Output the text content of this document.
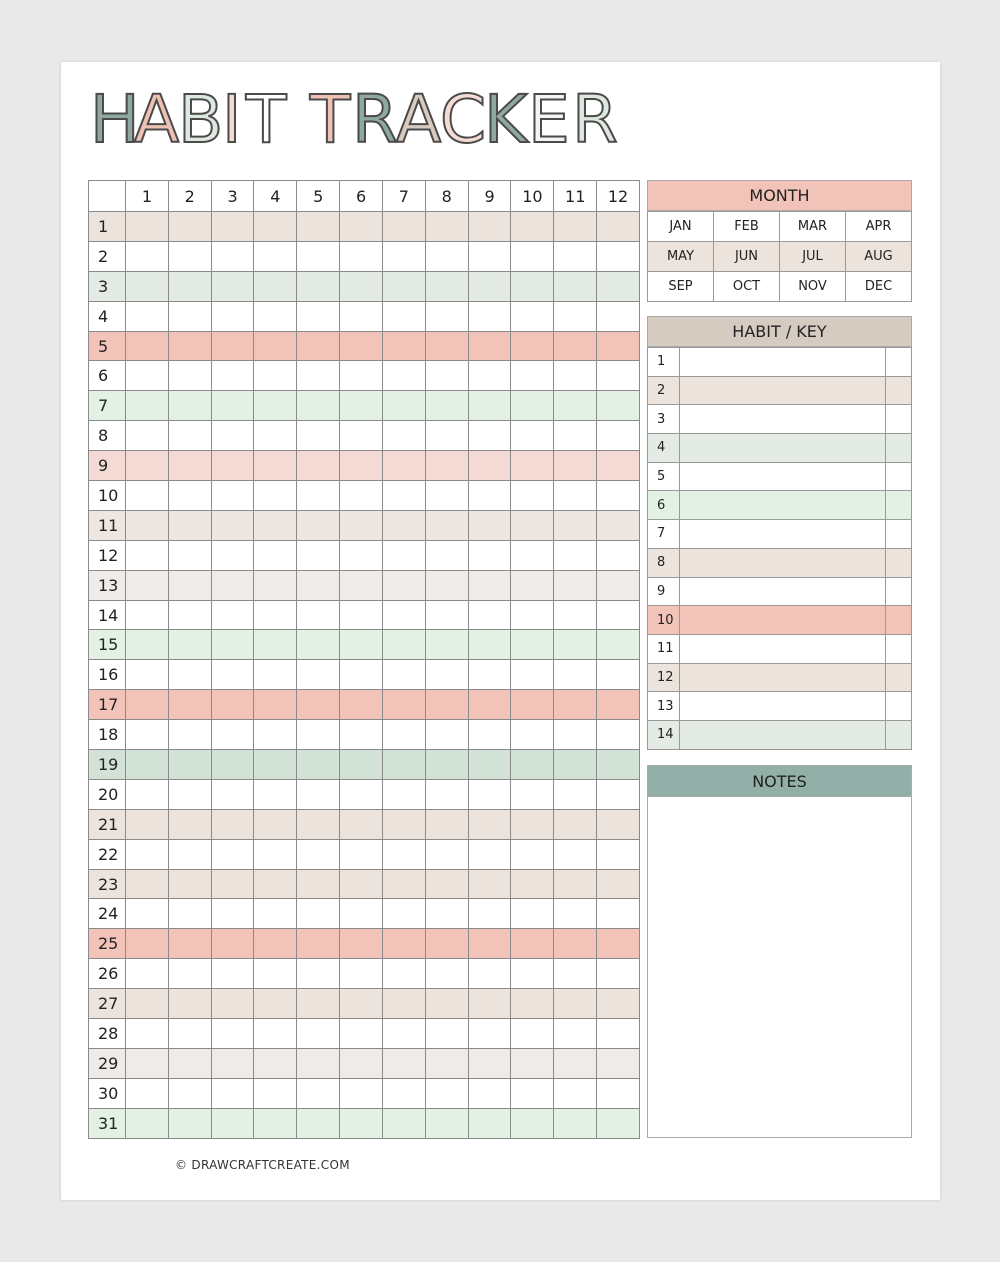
H
A
B
I T T R
A
C
K E R
	1	2	3	4	5	6	7	8	9	10	11	12
1												
2												
3												
4												
5												
6												
7												
8												
9												
10												
11												
12												
13												
14												
15												
16												
17												
18												
19												
20												
21												
22												
23												
24												
25												
26												
27												
28												
29												
30												
31												
MONTH
JAN	FEB	MAR	APR
MAY	JUN	JUL	AUG
SEP	OCT	NOV	DEC
HABIT / KEY
1		
2		
3		
4		
5		
6		
7		
8		
9		
10		
11		
12		
13		
14		
NOTES
© DRAWCRAFTCREATE.COM
